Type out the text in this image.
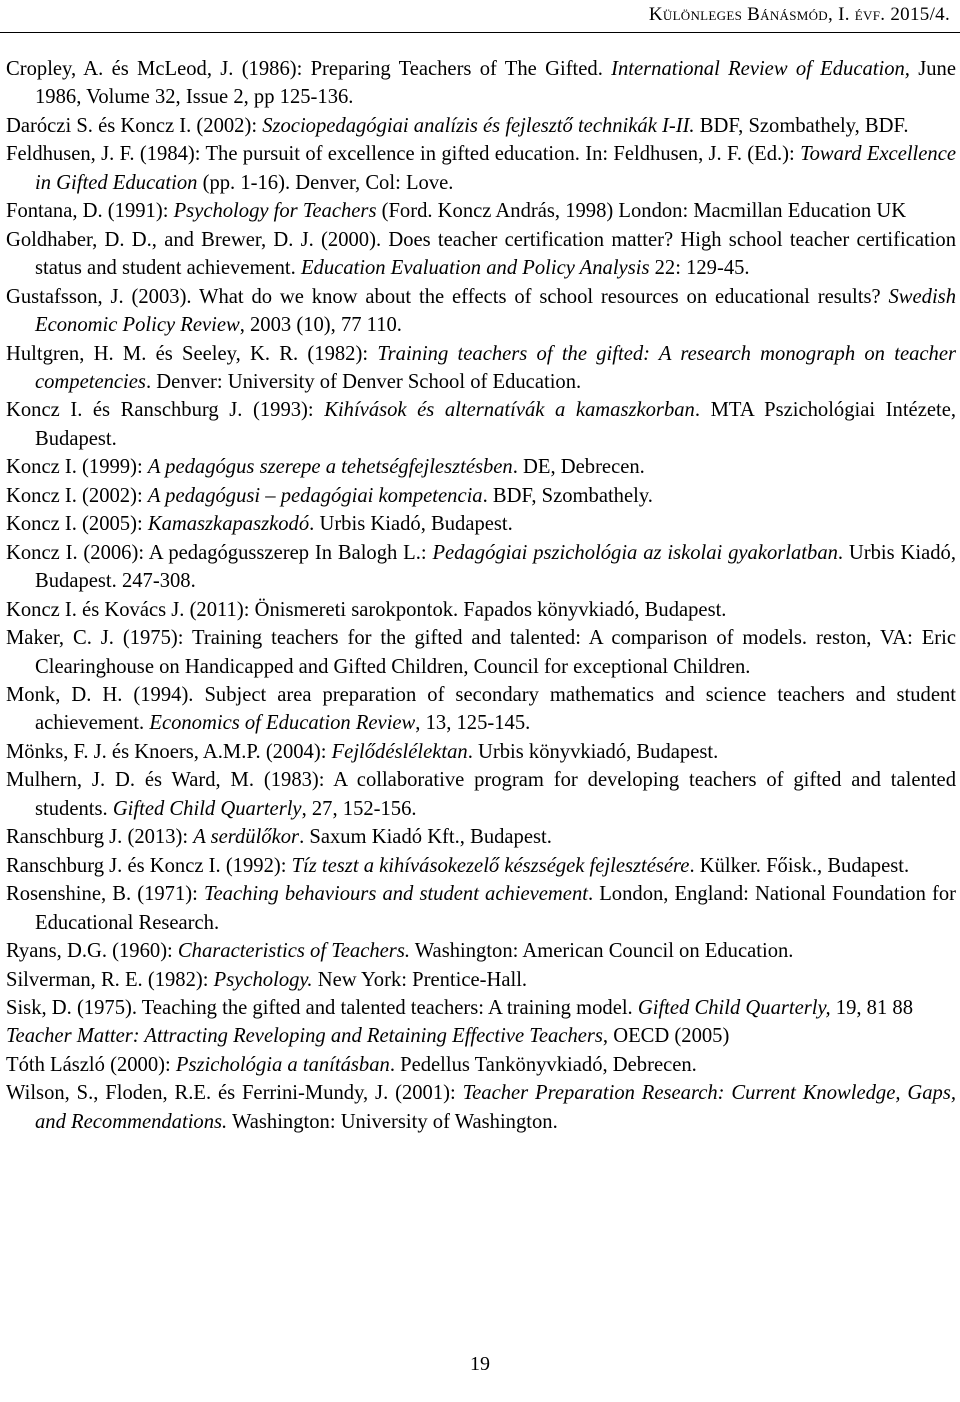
Különleges Bánásmód, I. évf. 2015/4.
Cropley, A. és McLeod, J. (1986): Preparing Teachers of The Gifted. International Review of Education, June 1986, Volume 32, Issue 2, pp 125-136.
Daróczi S. és Koncz I. (2002): Szociopedagógiai analízis és fejlesztő technikák I-II. BDF, Szombathely, BDF.
Feldhusen, J. F. (1984): The pursuit of excellence in gifted education. In: Feldhusen, J. F. (Ed.): Toward Excellence in Gifted Education (pp. 1-16). Denver, Col: Love.
Fontana, D. (1991): Psychology for Teachers (Ford. Koncz András, 1998) London: Macmillan Education UK
Goldhaber, D. D., and Brewer, D. J. (2000). Does teacher certification matter? High school teacher certification status and student achievement. Education Evaluation and Policy Analysis 22: 129-45.
Gustafsson, J. (2003). What do we know about the effects of school resources on educational results? Swedish Economic Policy Review, 2003 (10), 77 110.
Hultgren, H. M. és Seeley, K. R. (1982): Training teachers of the gifted: A research monograph on teacher competencies. Denver: University of Denver School of Education.
Koncz I. és Ranschburg J. (1993): Kihívások és alternatívák a kamaszkorban. MTA Pszichológiai Intézete, Budapest.
Koncz I. (1999): A pedagógus szerepe a tehetségfejlesztésben. DE, Debrecen.
Koncz I. (2002): A pedagógusi – pedagógiai kompetencia. BDF, Szombathely.
Koncz I. (2005): Kamaszkapaszkodó. Urbis Kiadó, Budapest.
Koncz I. (2006): A pedagógusszerep In Balogh L.: Pedagógiai pszichológia az iskolai gyakorlatban. Urbis Kiadó, Budapest. 247-308.
Koncz I. és Kovács J. (2011): Önismereti sarokpontok. Fapados könyvkiadó, Budapest.
Maker, C. J. (1975): Training teachers for the gifted and talented: A comparison of models. reston, VA: Eric Clearinghouse on Handicapped and Gifted Children, Council for exceptional Children.
Monk, D. H. (1994). Subject area preparation of secondary mathematics and science teachers and student achievement. Economics of Education Review, 13, 125-145.
Mönks, F. J. és Knoers, A.M.P. (2004): Fejlődéslélektan. Urbis könyvkiadó, Budapest.
Mulhern, J. D. és Ward, M. (1983): A collaborative program for developing teachers of gifted and talented students. Gifted Child Quarterly, 27, 152-156.
Ranschburg J. (2013): A serdülőkor. Saxum Kiadó Kft., Budapest.
Ranschburg J. és Koncz I. (1992): Tíz teszt a kihívásokezelő készségek fejlesztésére. Külker. Főisk., Budapest.
Rosenshine, B. (1971): Teaching behaviours and student achievement. London, England: National Foundation for Educational Research.
Ryans, D.G. (1960): Characteristics of Teachers. Washington: American Council on Education.
Silverman, R. E. (1982): Psychology. New York: Prentice-Hall.
Sisk, D. (1975). Teaching the gifted and talented teachers: A training model. Gifted Child Quarterly, 19, 81 88
Teacher Matter: Attracting Reveloping and Retaining Effective Teachers, OECD (2005)
Tóth László (2000): Pszichológia a tanításban. Pedellus Tankönyvkiadó, Debrecen.
Wilson, S., Floden, R.E. és Ferrini-Mundy, J. (2001): Teacher Preparation Research: Current Knowledge, Gaps, and Recommendations. Washington: University of Washington.
19
